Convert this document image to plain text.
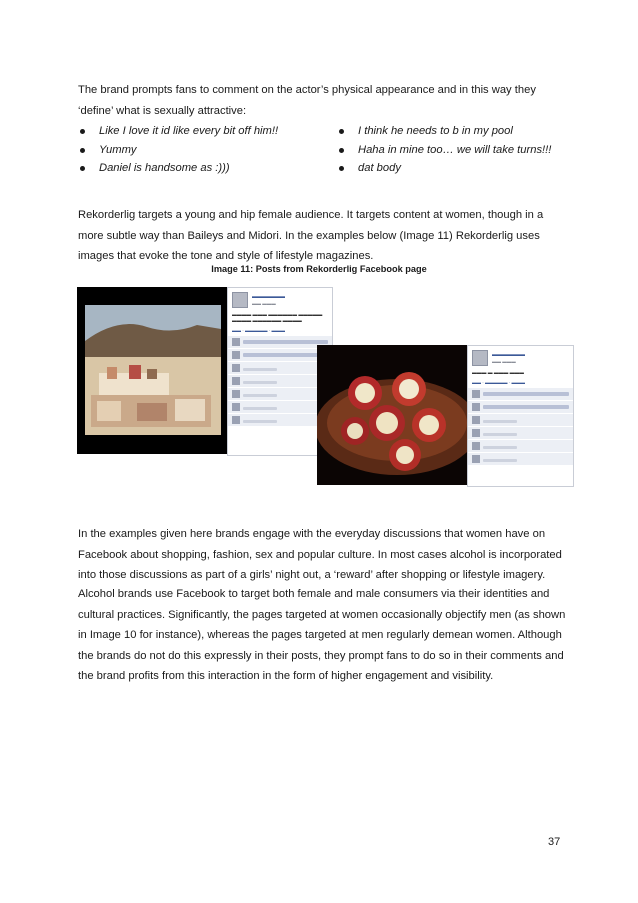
The brand prompts fans to comment on the actor’s physical appearance and in this way they ‘define’ what is sexually attractive:

Like I love it id like every bit off him!!
Yummy
Daniel is handsome as :)))
I think he needs to b in my pool
Haha in mine too… we will take turns!!!
dat body

Rekorderlig targets a young and hip female audience. It targets content at women, though in a more subtle way than Baileys and Midori. In the examples below (Image 11) Rekorderlig uses images that evoke the tone and style of lifestyle magazines.

Image 11: Posts from Rekorderlig Facebook page

▬▬▬▬▬▬
▬▬ ▬▬▬
▬▬▬▬ ▬▬▬ ▬▬▬▬▬▬ ▬▬▬▬▬ ▬▬▬▬ ▬▬▬▬▬▬ ▬▬▬▬
▬▬ · ▬▬▬▬▬ · ▬▬▬
▬▬▬▬▬▬
▬▬ ▬▬▬
▬▬▬ ▬ ▬▬▬ ▬▬▬
▬▬ · ▬▬▬▬▬ · ▬▬▬

In the examples given here brands engage with the everyday discussions that women have on Facebook about shopping, fashion, sex and popular culture. In most cases alcohol is incorporated into those discussions as part of a girls’ night out, a ‘reward’ after shopping or lifestyle imagery.

Alcohol brands use Facebook to target both female and male consumers via their identities and cultural practices. Significantly, the pages targeted at women occasionally objectify men (as shown in Image 10 for instance), whereas the pages targeted at men regularly demean women. Although the brands do not do this expressly in their posts, they prompt fans to do so in their comments and the brand profits from this interaction in the form of higher engagement and visibility.

37
